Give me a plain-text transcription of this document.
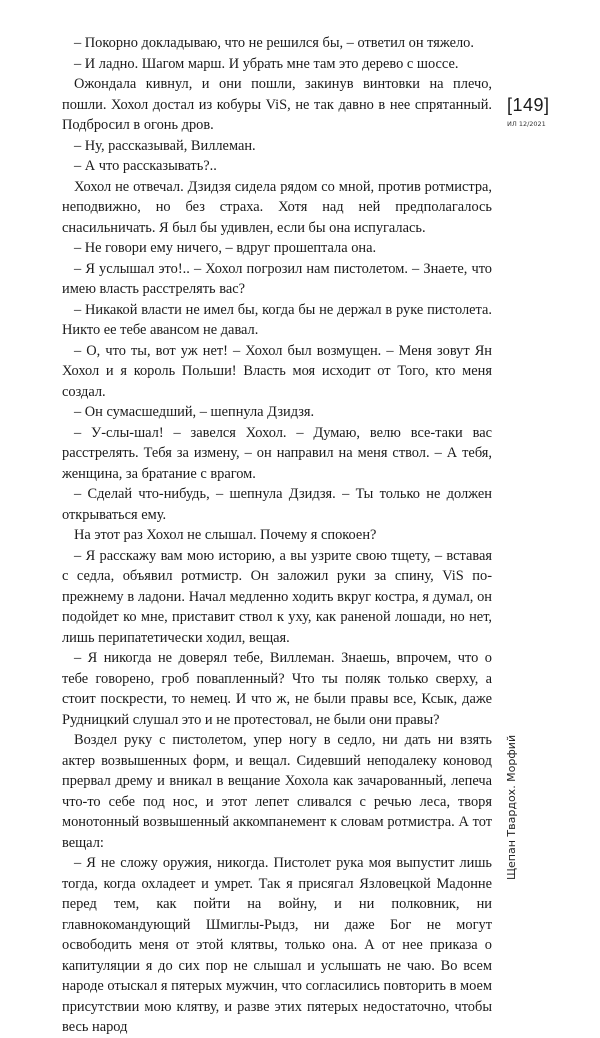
– Покорно докладываю, что не решился бы, – ответил он тяжело.

– И ладно. Шагом марш. И убрать мне там это дерево с шоссе.

Ожондала кивнул, и они пошли, закинув винтовки на плечо, пошли. Хохол достал из кобуры ViS, не так давно в нее спрятанный. Подбросил в огонь дров.

– Ну, рассказывай, Виллеман.

– А что рассказывать?..

Хохол не отвечал. Дзидзя сидела рядом со мной, против ротмистра, неподвижно, но без страха. Хотя над ней предполагалось снасильничать. Я был бы удивлен, если бы она испугалась.

– Не говори ему ничего, – вдруг прошептала она.

– Я услышал это!.. – Хохол погрозил нам пистолетом. – Знаете, что имею власть расстрелять вас?

– Никакой власти не имел бы, когда бы не держал в руке пистолета. Никто ее тебе авансом не давал.

– О, что ты, вот уж нет! – Хохол был возмущен. – Меня зовут Ян Хохол и я король Польши! Власть моя исходит от Того, кто меня создал.

– Он сумасшедший, – шепнула Дзидзя.

– У-слы-шал! – завелся Хохол. – Думаю, велю все-таки вас расстрелять. Тебя за измену, – он направил на меня ствол. – А тебя, женщина, за братание с врагом.

– Сделай что-нибудь, – шепнула Дзидзя. – Ты только не должен открываться ему.

На этот раз Хохол не слышал. Почему я спокоен?

– Я расскажу вам мою историю, а вы узрите свою тщету, – вставая с седла, объявил ротмистр. Он заложил руки за спину, ViS по-прежнему в ладони. Начал медленно ходить вкруг костра, я думал, он подойдет ко мне, приставит ствол к уху, как раненой лошади, но нет, лишь перипатетически ходил, вещая.

– Я никогда не доверял тебе, Виллеман. Знаешь, впрочем, что о тебе говорено, гроб повапленный? Что ты поляк только сверху, а стоит поскрести, то немец. И что ж, не были правы все, Ксык, даже Рудницкий слушал это и не протестовал, не были они правы?

Воздел руку с пистолетом, упер ногу в седло, ни дать ни взять актер возвышенных форм, и вещал. Сидевший неподалеку коновод прервал дрему и вникал в вещание Хохола как зачарованный, лепеча что-то себе под нос, и этот лепет сливался с речью леса, творя монотонный возвышенный аккомпанемент к словам ротмистра. А тот вещал:

– Я не сложу оружия, никогда. Пистолет рука моя выпустит лишь тогда, когда охладеет и умрет. Так я присягал Язловецкой Мадонне перед тем, как пойти на войну, и ни полковник, ни главнокомандующий Шмиглы-Рыдз, ни даже Бог не могут освободить меня от этой клятвы, только она. А от нее приказа о капитуляции я до сих пор не слышал и услышать не чаю. Во всем народе отыскал я пятерых мужчин, что согласились повторить в моем присутствии мою клятву, и разве этих пятерых недостаточно, чтобы весь народ

[149]
ИЛ 12/2021
Щепан Твардох. Морфий
